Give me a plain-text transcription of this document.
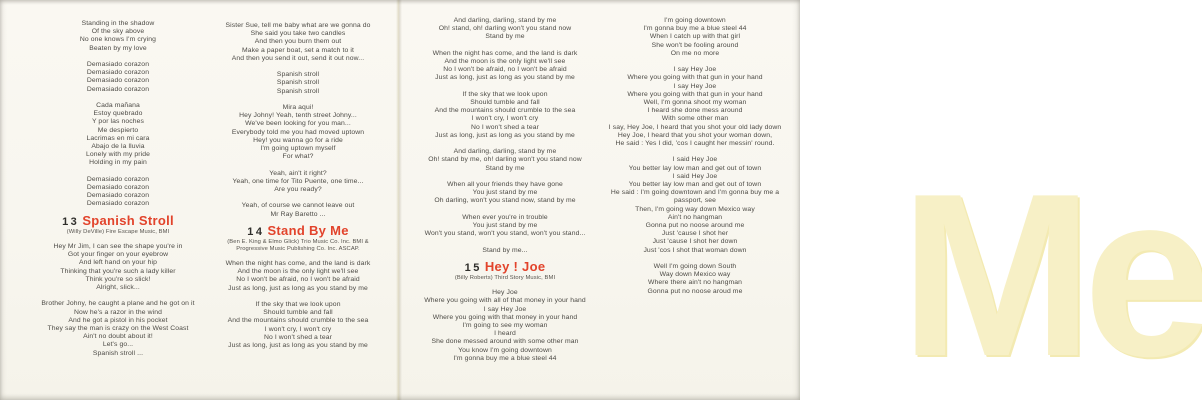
Me
Standing in the shadow
Of the sky above
No one knows I'm crying
Beaten by my love
Demasiado corazon
Demasiado corazon
Demasiado corazon
Demasiado corazon
Cada mañana
Estoy quebrado
Y por las noches
Me despierto
Lacrimas en mi cara
Abajo de la lluvia
Lonely with my pride
Holding in my pain
Demasiado corazon
Demasiado corazon
Demasiado corazon
Demasiado corazon
13 Spanish Stroll
(Willy DeVille) Fire Escape Music, BMI
Hey Mr Jim, I can see the shape you're in
Got your finger on your eyebrow
And left hand on your hip
Thinking that you're such a lady killer
Think you're so slick!
Alright, slick...
Brother Johny, he caught a plane and he got on it
Now he's a razor in the wind
And he got a pistol in his pocket
They say the man is crazy on the West Coast
Ain't no doubt about it!
Let's go...
Spanish stroll ...
Sister Sue, tell me baby what are we gonna do
She said you take two candles
And then you burn them out
Make a paper boat, set a match to it
And then you send it out, send it out now...
Spanish stroll
Spanish stroll
Spanish stroll
Mira aqui!
Hey Johny! Yeah, tenth street Johny...
We've been looking for you man...
Everybody told me you had moved uptown
Hey! you wanna go for a ride
I'm going uptown myself
For what?
Yeah, ain't it right?
Yeah, one time for Tito Puente, one time...
Are you ready?
Yeah, of course we cannot leave out
Mr Ray Baretto ...
14 Stand By Me
(Ben E. King & Elmo Glick) Trio Music Co. Inc. BMI &
Progressive Music Publishing Co. Inc. ASCAP.
When the night has come, and the land is dark
And the moon is the only light we'll see
No I won't be afraid, no I won't be afraid
Just as long, just as long as you stand by me
If the sky that we look upon
Should tumble and fall
And the mountains should crumble to the sea
I won't cry, I won't cry
No I won't shed a tear
Just as long, just as long as you stand by me
And darling, darling, stand by me
Oh! stand, oh! darling won't you stand now
Stand by me
When the night has come, and the land is dark
And the moon is the only light we'll see
No I won't be afraid, no I won't be afraid
Just as long, just as long as you stand by me
If the sky that we look upon
Should tumble and fall
And the mountains should crumble to the sea
I won't cry, I won't cry
No I won't shed a tear
Just as long, just as long as you stand by me
And darling, darling, stand by me
Oh! stand by me, oh! darling won't you stand now
Stand by me
When all your friends they have gone
You just stand by me
Oh darling, won't you stand now, stand by me
When ever you're in trouble
You just stand by me
Won't you stand, won't you stand, won't you stand...
Stand by me...
15 Hey ! Joe
(Billy Roberts) Third Story Music, BMI
Hey Joe
Where you going with all of that money in your hand
I say Hey Joe
Where you going with that money in your hand
I'm going to see my woman
I heard
She done messed around with some other man
You know I'm going downtown
I'm gonna buy me a blue steel 44
I'm going downtown
I'm gonna buy me a blue steel 44
When I catch up with that girl
She won't be fooling around
On me no more
I say Hey Joe
Where you going with that gun in your hand
I say Hey Joe
Where you going with that gun in your hand
Well, I'm gonna shoot my woman
I heard she done mess around
With some other man
I say, Hey Joe, I heard that you shot your old lady down
Hey Joe, I heard that you shot your woman down,
He said : Yes I did, 'cos I caught her messin' round.
I said Hey Joe
You better lay low man and get out of town
I said Hey Joe
You better lay low man and get out of town
He said : I'm going downtown and I'm gonna buy me a
passport, see
Then, I'm going way down Mexico way
Ain't no hangman
Gonna put no noose around me
Just 'cause I shot her
Just 'cause I shot her down
Just 'cos I shot that woman down
Well I'm going down South
Way down Mexico way
Where there ain't no hangman
Gonna put no noose aroud me
